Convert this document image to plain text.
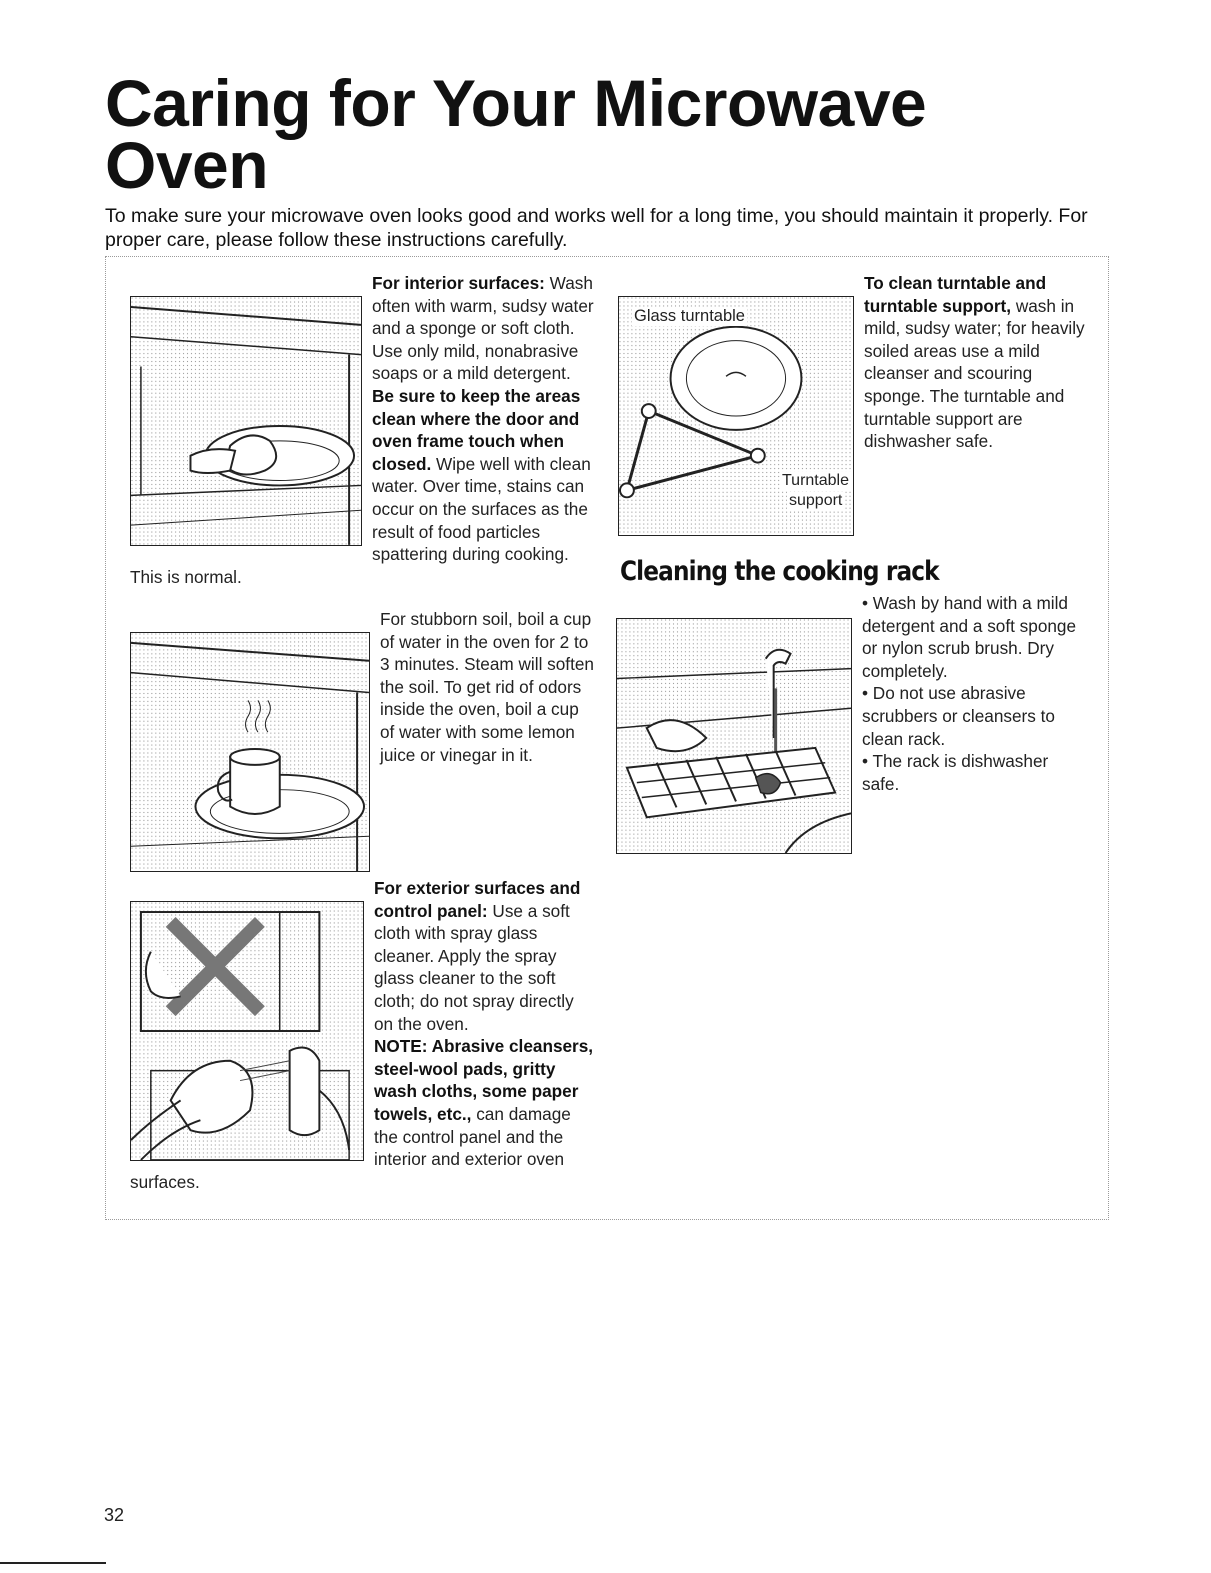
Caring for Your Microwave
Oven
To make sure your microwave oven looks good and works well for a long time, you should maintain it properly. For proper care, please follow these instructions carefully.
For interior surfaces: Wash often with warm, sudsy water and a sponge or soft cloth. Use only mild, nonabrasive soaps or a mild detergent. Be sure to keep the areas clean where the door and oven frame touch when closed. Wipe well with clean water. Over time, stains can occur on the surfaces as the result of food particles spattering during cooking. This is normal.
For stubborn soil, boil a cup of water in the oven for 2 to 3 minutes. Steam will soften the soil. To get rid of odors inside the oven, boil a cup of water with some lemon juice or vinegar in it.
For exterior surfaces and control panel: Use a soft cloth with spray glass cleaner. Apply the spray glass cleaner to the soft cloth; do not spray directly on the oven.
NOTE: Abrasive cleansers, steel-wool pads, gritty wash cloths, some paper towels, etc., can damage the control panel and the interior and exterior oven surfaces.
To clean turntable and turntable support, wash in mild, sudsy water; for heavily soiled areas use a mild cleanser and scouring sponge. The turntable and turntable support are dishwasher safe.
Glass turntable
Turntable
support
Cleaning the cooking rack
• Wash by hand with a mild detergent and a soft sponge or nylon scrub brush. Dry completely.
• Do not use abrasive scrubbers or cleansers to clean rack.
• The rack is dishwasher safe.
32
